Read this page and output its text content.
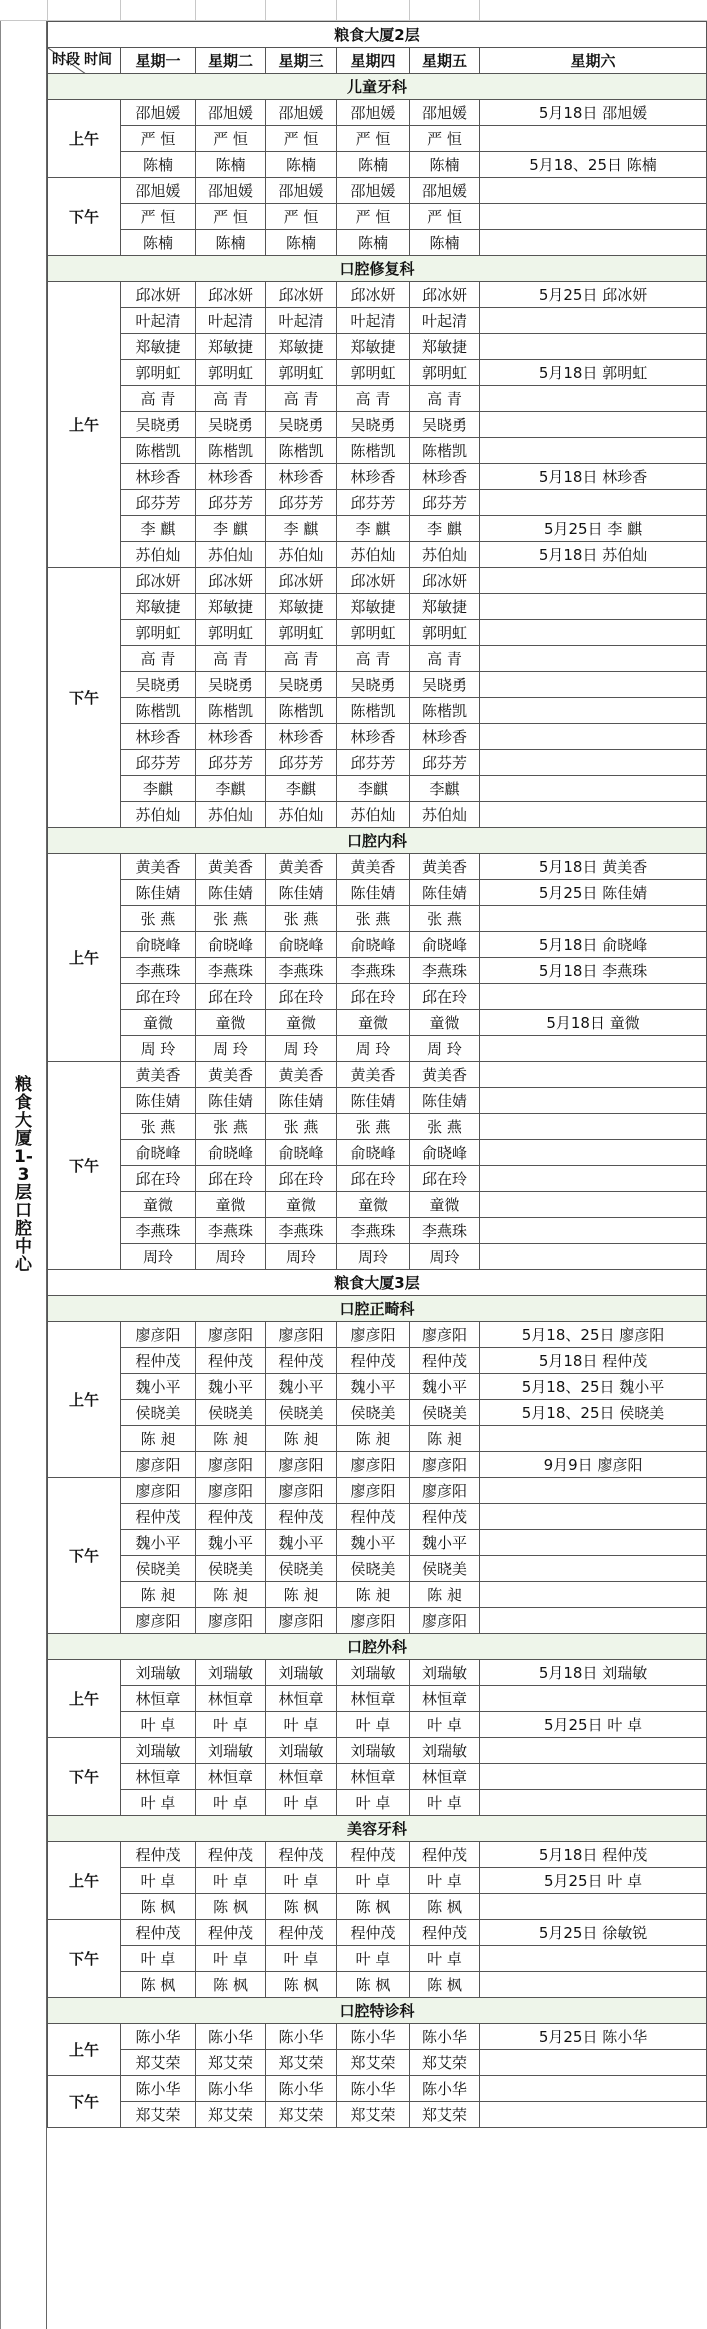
粮食大厦1-3层口腔中心
粮食大厦2层						

时间
时段	星期一	星期二	星期三	星期四	星期五	星期六
儿童牙科						
上午	邵旭媛	邵旭媛	邵旭媛	邵旭媛	邵旭媛	5月18日 邵旭媛
	严 恒	严 恒	严 恒	严 恒	严 恒	
	陈楠	陈楠	陈楠	陈楠	陈楠	5月18、25日 陈楠
下午	邵旭媛	邵旭媛	邵旭媛	邵旭媛	邵旭媛	
	严 恒	严 恒	严 恒	严 恒	严 恒	
	陈楠	陈楠	陈楠	陈楠	陈楠	
口腔修复科						
上午	邱冰妍	邱冰妍	邱冰妍	邱冰妍	邱冰妍	5月25日 邱冰妍
	叶起清	叶起清	叶起清	叶起清	叶起清	
	郑敏捷	郑敏捷	郑敏捷	郑敏捷	郑敏捷	
	郭明虹	郭明虹	郭明虹	郭明虹	郭明虹	5月18日 郭明虹
	高 青	高 青	高 青	高 青	高 青	
	吴晓勇	吴晓勇	吴晓勇	吴晓勇	吴晓勇	
	陈楷凯	陈楷凯	陈楷凯	陈楷凯	陈楷凯	
	林珍香	林珍香	林珍香	林珍香	林珍香	5月18日 林珍香
	邱芬芳	邱芬芳	邱芬芳	邱芬芳	邱芬芳	
	李 麒	李 麒	李 麒	李 麒	李 麒	5月25日 李 麒
	苏伯灿	苏伯灿	苏伯灿	苏伯灿	苏伯灿	5月18日 苏伯灿
下午	邱冰妍	邱冰妍	邱冰妍	邱冰妍	邱冰妍	
	郑敏捷	郑敏捷	郑敏捷	郑敏捷	郑敏捷	
	郭明虹	郭明虹	郭明虹	郭明虹	郭明虹	
	高 青	高 青	高 青	高 青	高 青	
	吴晓勇	吴晓勇	吴晓勇	吴晓勇	吴晓勇	
	陈楷凯	陈楷凯	陈楷凯	陈楷凯	陈楷凯	
	林珍香	林珍香	林珍香	林珍香	林珍香	
	邱芬芳	邱芬芳	邱芬芳	邱芬芳	邱芬芳	
	李麒	李麒	李麒	李麒	李麒	
	苏伯灿	苏伯灿	苏伯灿	苏伯灿	苏伯灿	
口腔内科						
上午	黄美香	黄美香	黄美香	黄美香	黄美香	5月18日 黄美香
	陈佳婧	陈佳婧	陈佳婧	陈佳婧	陈佳婧	5月25日 陈佳婧
	张 燕	张 燕	张 燕	张 燕	张 燕	
	俞晓峰	俞晓峰	俞晓峰	俞晓峰	俞晓峰	5月18日 俞晓峰
	李燕珠	李燕珠	李燕珠	李燕珠	李燕珠	5月18日 李燕珠
	邱在玲	邱在玲	邱在玲	邱在玲	邱在玲	
	童微	童微	童微	童微	童微	5月18日 童微
	周 玲	周 玲	周 玲	周 玲	周 玲	
下午	黄美香	黄美香	黄美香	黄美香	黄美香	
	陈佳婧	陈佳婧	陈佳婧	陈佳婧	陈佳婧	
	张 燕	张 燕	张 燕	张 燕	张 燕	
	俞晓峰	俞晓峰	俞晓峰	俞晓峰	俞晓峰	
	邱在玲	邱在玲	邱在玲	邱在玲	邱在玲	
	童微	童微	童微	童微	童微	
	李燕珠	李燕珠	李燕珠	李燕珠	李燕珠	
	周玲	周玲	周玲	周玲	周玲	
粮食大厦3层						
口腔正畸科						
上午	廖彦阳	廖彦阳	廖彦阳	廖彦阳	廖彦阳	5月18、25日 廖彦阳
	程仲茂	程仲茂	程仲茂	程仲茂	程仲茂	5月18日 程仲茂
	魏小平	魏小平	魏小平	魏小平	魏小平	5月18、25日 魏小平
	侯晓美	侯晓美	侯晓美	侯晓美	侯晓美	5月18、25日 侯晓美
	陈 昶	陈 昶	陈 昶	陈 昶	陈 昶	
	廖彦阳	廖彦阳	廖彦阳	廖彦阳	廖彦阳	9月9日 廖彦阳
下午	廖彦阳	廖彦阳	廖彦阳	廖彦阳	廖彦阳	
	程仲茂	程仲茂	程仲茂	程仲茂	程仲茂	
	魏小平	魏小平	魏小平	魏小平	魏小平	
	侯晓美	侯晓美	侯晓美	侯晓美	侯晓美	
	陈 昶	陈 昶	陈 昶	陈 昶	陈 昶	
	廖彦阳	廖彦阳	廖彦阳	廖彦阳	廖彦阳	
口腔外科						
上午	刘瑞敏	刘瑞敏	刘瑞敏	刘瑞敏	刘瑞敏	5月18日 刘瑞敏
	林恒章	林恒章	林恒章	林恒章	林恒章	
	叶 卓	叶 卓	叶 卓	叶 卓	叶 卓	5月25日 叶 卓
下午	刘瑞敏	刘瑞敏	刘瑞敏	刘瑞敏	刘瑞敏	
	林恒章	林恒章	林恒章	林恒章	林恒章	
	叶 卓	叶 卓	叶 卓	叶 卓	叶 卓	
美容牙科						
上午	程仲茂	程仲茂	程仲茂	程仲茂	程仲茂	5月18日 程仲茂
	叶 卓	叶 卓	叶 卓	叶 卓	叶 卓	5月25日 叶 卓
	陈 枫	陈 枫	陈 枫	陈 枫	陈 枫	
下午	程仲茂	程仲茂	程仲茂	程仲茂	程仲茂	5月25日 徐敏锐
	叶 卓	叶 卓	叶 卓	叶 卓	叶 卓	
	陈 枫	陈 枫	陈 枫	陈 枫	陈 枫	
口腔特诊科						
上午	陈小华	陈小华	陈小华	陈小华	陈小华	5月25日 陈小华
	郑艾荣	郑艾荣	郑艾荣	郑艾荣	郑艾荣	
下午	陈小华	陈小华	陈小华	陈小华	陈小华	
	郑艾荣	郑艾荣	郑艾荣	郑艾荣	郑艾荣	
